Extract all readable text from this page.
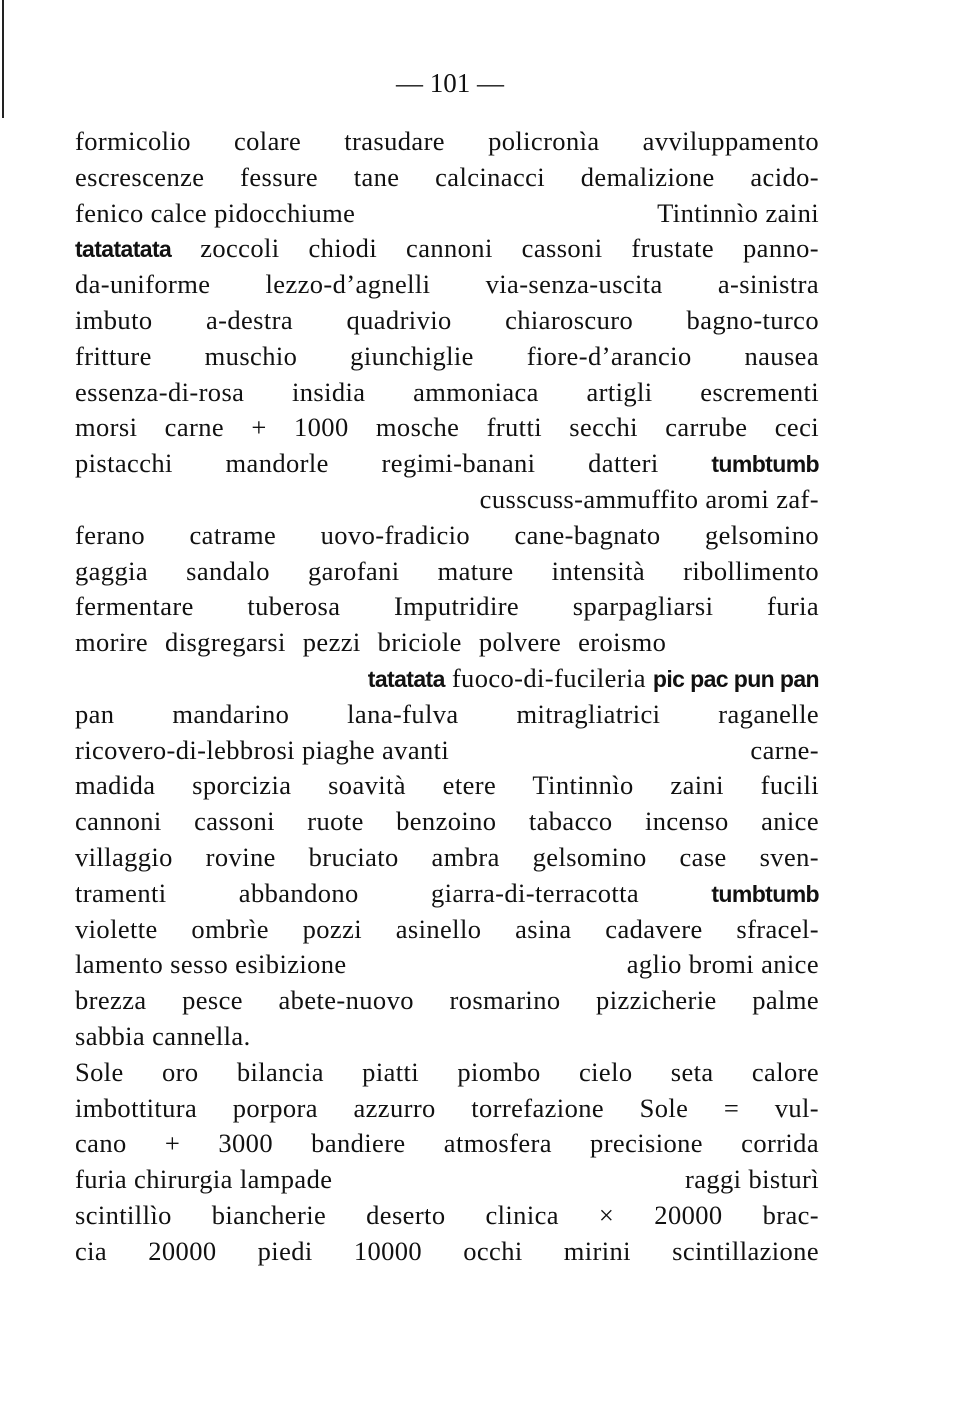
— 101 —
formicolio colare trasudare policronìa avviluppamento
escrescenze fessure tane calcinacci demalizione acido-
fenico calce pidocchiume	Tintinnìo zaini
tatatatata zoccoli chiodi cannoni cassoni frustate panno-
da-uniforme lezzo-d’agnelli via-senza-uscita a-sinistra
imbuto a-destra quadrivio chiaroscuro bagno-turco
fritture muschio giunchiglie fiore-d’arancio nausea
essenza-di-rosa insidia ammoniaca artigli escrementi
morsi carne + 1000 mosche frutti secchi carrube ceci
pistacchi mandorle regimi-banani datteri tumbtumb
cusscuss-ammuffito aromi zaf-
ferano catrame uovo-fradicio cane-bagnato gelsomino
gaggia sandalo garofani mature intensità ribollimento
fermentare tuberosa Imputridire sparpagliarsi furia
morire disgregarsi pezzi briciole polvere eroismo
tatatata fuoco-di-fucileria pic pac pun pan
pan mandarino lana-fulva mitragliatrici raganelle
ricovero-di-lebbrosi piaghe avanti	carne-
madida sporcizia soavità etere Tintinnìo zaini fucili
cannoni cassoni ruote benzoino tabacco incenso anice
villaggio rovine bruciato ambra gelsomino case sven-
tramenti abbandono giarra-di-terracotta tumbtumb
violette ombrìe pozzi asinello asina cadavere sfracel-
lamento sesso esibizione	aglio bromi anice
brezza pesce abete-nuovo rosmarino pizzicherie palme
sabbia cannella.
Sole oro bilancia piatti piombo cielo seta calore
imbottitura porpora azzurro torrefazione Sole = vul-
cano + 3000 bandiere atmosfera precisione corrida
furia chirurgia lampade	raggi bisturì
scintillìo biancherie deserto clinica × 20000 brac-
cia 20000 piedi 10000 occhi mirini scintillazione
